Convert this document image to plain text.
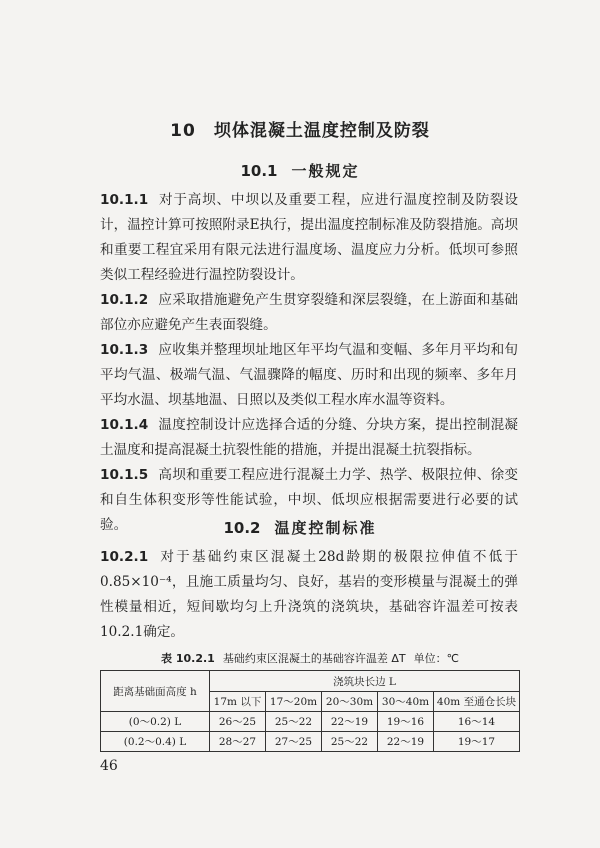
10 坝体混凝土温度控制及防裂
10.1 一般规定

10.1.1 对于高坝、中坝以及重要工程，应进行温度控制及防裂设计，温控计算可按照附录E执行，提出温度控制标准及防裂措施。高坝和重要工程宜采用有限元法进行温度场、温度应力分析。低坝可参照类似工程经验进行温控防裂设计。

10.1.2 应采取措施避免产生贯穿裂缝和深层裂缝，在上游面和基础部位亦应避免产生表面裂缝。

10.1.3 应收集并整理坝址地区年平均气温和变幅、多年月平均和旬平均气温、极端气温、气温骤降的幅度、历时和出现的频率、多年月平均水温、坝基地温、日照以及类似工程水库水温等资料。

10.1.4 温度控制设计应选择合适的分缝、分块方案，提出控制混凝土温度和提高混凝土抗裂性能的措施，并提出混凝土抗裂指标。

10.1.5 高坝和重要工程应进行混凝土力学、热学、极限拉伸、徐变和自生体积变形等性能试验，中坝、低坝应根据需要进行必要的试验。	10.2 温度控制标准

10.2.1 对于基础约束区混凝土28d龄期的极限拉伸值不低于0.85×10⁻⁴，且施工质量均匀、良好，基岩的变形模量与混凝土的弹性模量相近，短间歇均匀上升浇筑的浇筑块，基础容许温差可按表10.2.1确定。

表 10.2.1 基础约束区混凝土的基础容许温差 ΔT 单位：℃
距离基础面高度 h	浇筑块长边 L				
	17m 以下	17～20m	20～30m	30～40m	40m 至通仓长块
(0～0.2) L	26～25	25～22	22～19	19～16	16～14
(0.2～0.4) L	28～27	27～25	25～22	22～19	19～17
46
